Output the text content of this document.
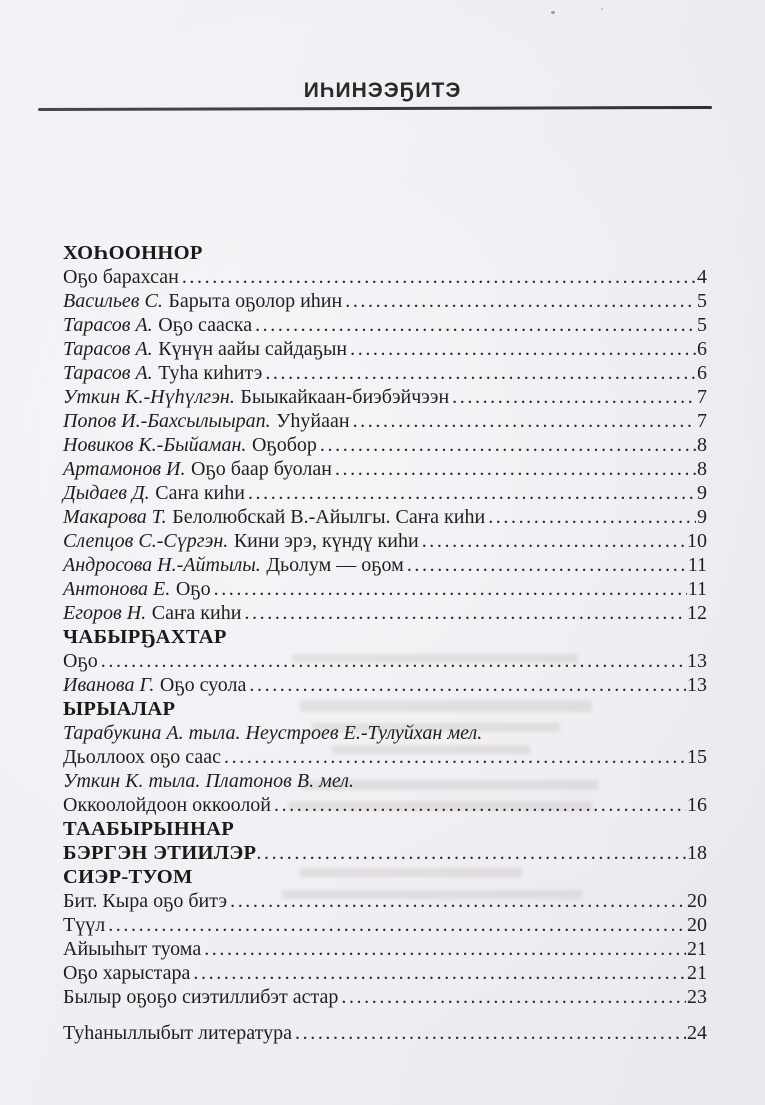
ИҺИНЭЭҔИТЭ
ХОҺООННОР
Оҕо барахсан .....	4
Васильев С. Барыта оҕолор иһин .....	5
Тарасов А. Оҕо сааска .....	5
Тарасов А. Күнүн аайы сайдаҕын .....	6
Тарасов А. Туһа киһитэ .....	6
Уткин К.-Нүһүлгэн. Быыкайкаан-биэбэйчээн .....	7
Попов И.-Бахсылыырап. Уһуйаан .....	7
Новиков К.-Быйаман. Оҕобор .....	8
Артамонов И. Оҕо баар буолан .....	8
Дыдаев Д. Саҥа киһи .....	9
Макарова Т. Белолюбскай В.-Айылгы. Саҥа киһи .....	9
Слепцов С.-Сүргэн. Кини эрэ, күндү киһи .....	10
Андросова Н.-Айтылы. Дьолум — оҕом .....	11
Антонова Е. Оҕо .....	11
Егоров Н. Саҥа киһи .....	12
ЧАБЫРҔАХТАР
Оҕо .....	13
Иванова Г. Оҕо суола .....	13
ЫРЫАЛАР
Тарабукина А. тыла. Неустроев Е.-Тулуйхан мел.
Дьоллоох оҕо саас .....	15
Уткин К. тыла. Платонов В. мел.
Оккоолойдоон оккоолой .....	16
ТААБЫРЫННАР
БЭРГЭН ЭТИИЛЭР .....	18
СИЭР-ТУОМ
Бит. Кыра оҕо битэ .....	20
Түүл .....	20
Айыыһыт туома .....	21
Оҕо харыстара .....	21
Былыр оҕоҕо сиэтиллибэт астар .....	23
Туһаныллыбыт литература .....	24
